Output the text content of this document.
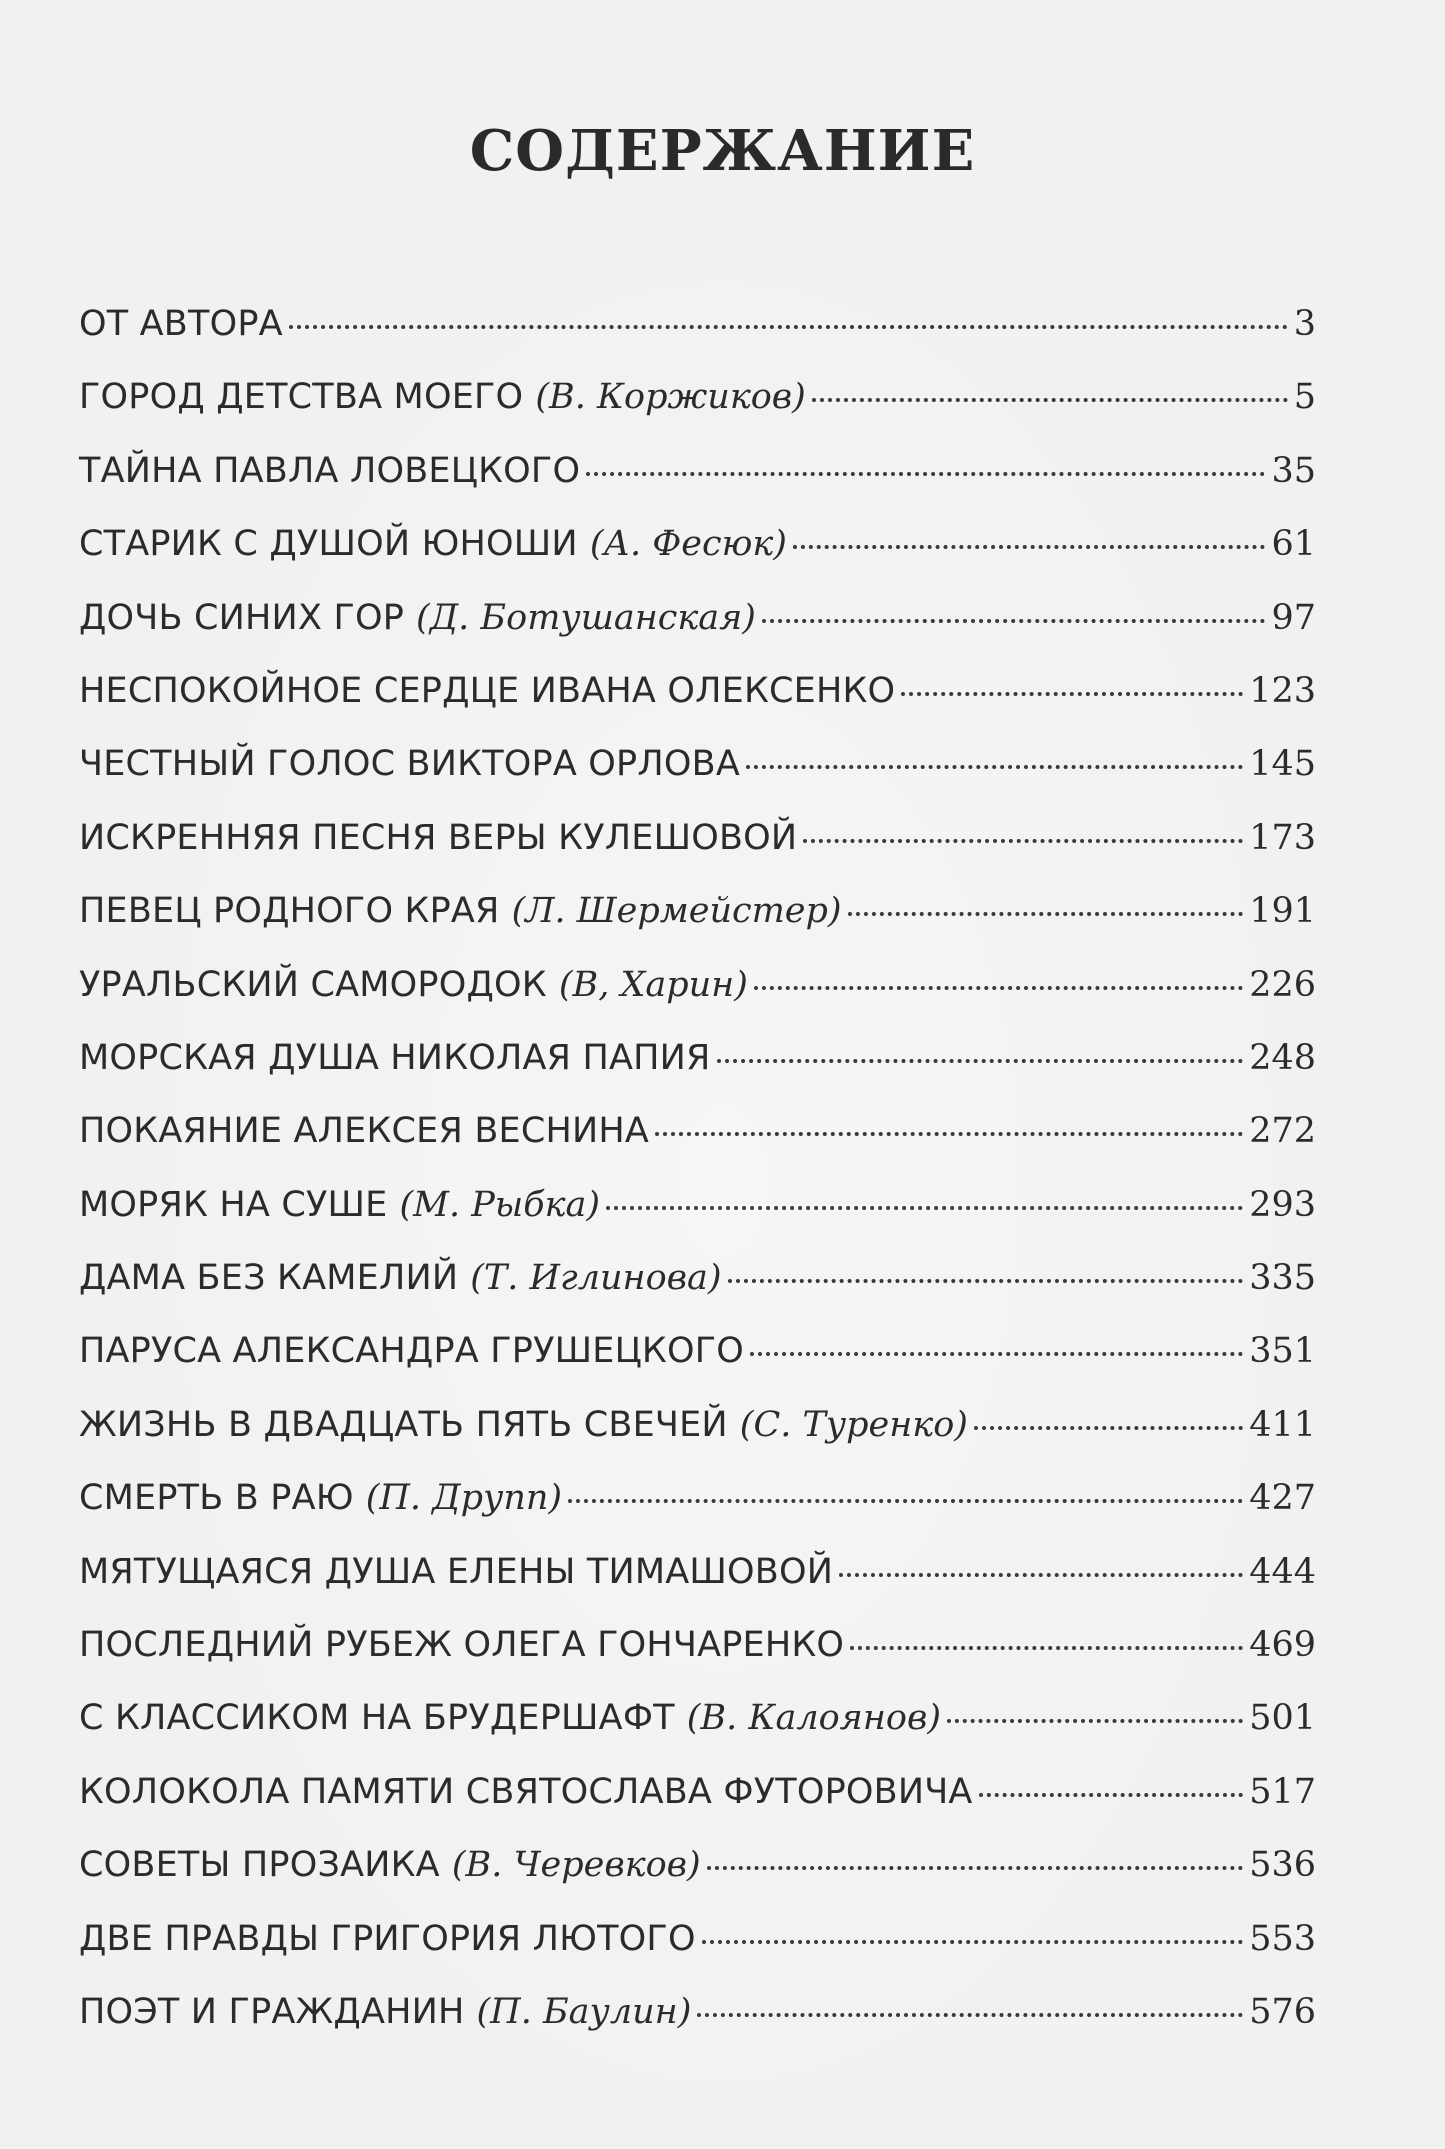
СОДЕРЖАНИЕ
ОТ АВТОРА	3
ГОРОД ДЕТСТВА МОЕГО (В. Коржиков)	5
ТАЙНА ПАВЛА ЛОВЕЦКОГО	35
СТАРИК С ДУШОЙ ЮНОШИ (А. Фесюк)	61
ДОЧЬ СИНИХ ГОР (Д. Ботушанская)	97
НЕСПОКОЙНОЕ СЕРДЦЕ ИВАНА ОЛЕКСЕНКО	123
ЧЕСТНЫЙ ГОЛОС ВИКТОРА ОРЛОВА	145
ИСКРЕННЯЯ ПЕСНЯ ВЕРЫ КУЛЕШОВОЙ	173
ПЕВЕЦ РОДНОГО КРАЯ (Л. Шермейстер)	191
УРАЛЬСКИЙ САМОРОДОК (В, Харин)	226
МОРСКАЯ ДУША НИКОЛАЯ ПАПИЯ	248
ПОКАЯНИЕ АЛЕКСЕЯ ВЕСНИНА	272
МОРЯК НА СУШЕ (М. Рыбка)	293
ДАМА БЕЗ КАМЕЛИЙ (Т. Иглинова)	335
ПАРУСА АЛЕКСАНДРА ГРУШЕЦКОГО	351
ЖИЗНЬ В ДВАДЦАТЬ ПЯТЬ СВЕЧЕЙ (С. Туренко)	411
СМЕРТЬ В РАЮ (П. Друпп)	427
МЯТУЩАЯСЯ ДУША ЕЛЕНЫ ТИМАШОВОЙ	444
ПОСЛЕДНИЙ РУБЕЖ ОЛЕГА ГОНЧАРЕНКО	469
С КЛАССИКОМ НА БРУДЕРШАФТ (В. Калоянов)	501
КОЛОКОЛА ПАМЯТИ СВЯТОСЛАВА ФУТОРОВИЧА	517
СОВЕТЫ ПРОЗАИКА (В. Черевков)	536
ДВЕ ПРАВДЫ ГРИГОРИЯ ЛЮТОГО	553
ПОЭТ И ГРАЖДАНИН (П. Баулин)	576
